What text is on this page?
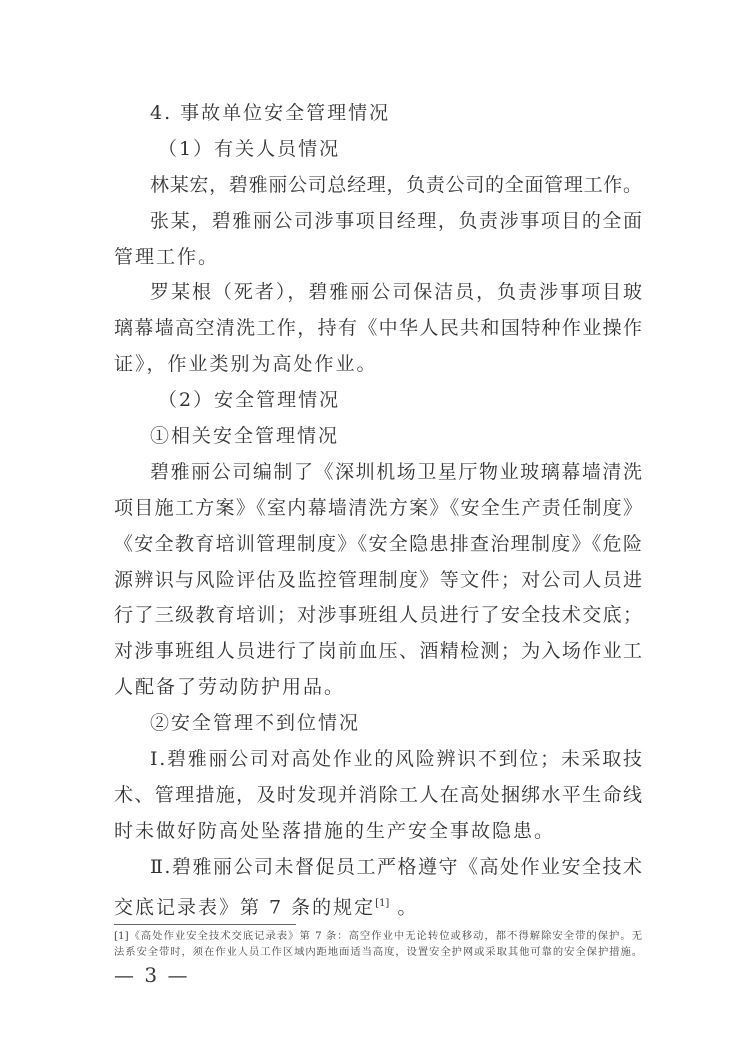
4. 事故单位安全管理情况
（1）有关人员情况
林某宏，碧雅丽公司总经理，负责公司的全面管理工作。
张某，碧雅丽公司涉事项目经理，负责涉事项目的全面
管理工作。
罗某根（死者），碧雅丽公司保洁员，负责涉事项目玻
璃幕墙高空清洗工作，持有《中华人民共和国特种作业操作
证》，作业类别为高处作业。
（2）安全管理情况
①相关安全管理情况
碧雅丽公司编制了《深圳机场卫星厅物业玻璃幕墙清洗
项目施工方案》《室内幕墙清洗方案》《安全生产责任制度》
《安全教育培训管理制度》《安全隐患排查治理制度》《危险
源辨识与风险评估及监控管理制度》等文件；对公司人员进
行了三级教育培训；对涉事班组人员进行了安全技术交底；
对涉事班组人员进行了岗前血压、酒精检测；为入场作业工
人配备了劳动防护用品。
②安全管理不到位情况
Ⅰ.碧雅丽公司对高处作业的风险辨识不到位；未采取技
术、管理措施，及时发现并消除工人在高处捆绑水平生命线
时未做好防高处坠落措施的生产安全事故隐患。
Ⅱ.碧雅丽公司未督促员工严格遵守《高处作业安全技术
交底记录表》第 7 条的规定[1] 。
[1]《高处作业安全技术交底记录表》第 7 条：高空作业中无论转位或移动，都不得解除安全带的保护。无
法系安全带时，须在作业人员工作区域内距地面适当高度，设置安全护网或采取其他可靠的安全保护措施。
— 3 —
